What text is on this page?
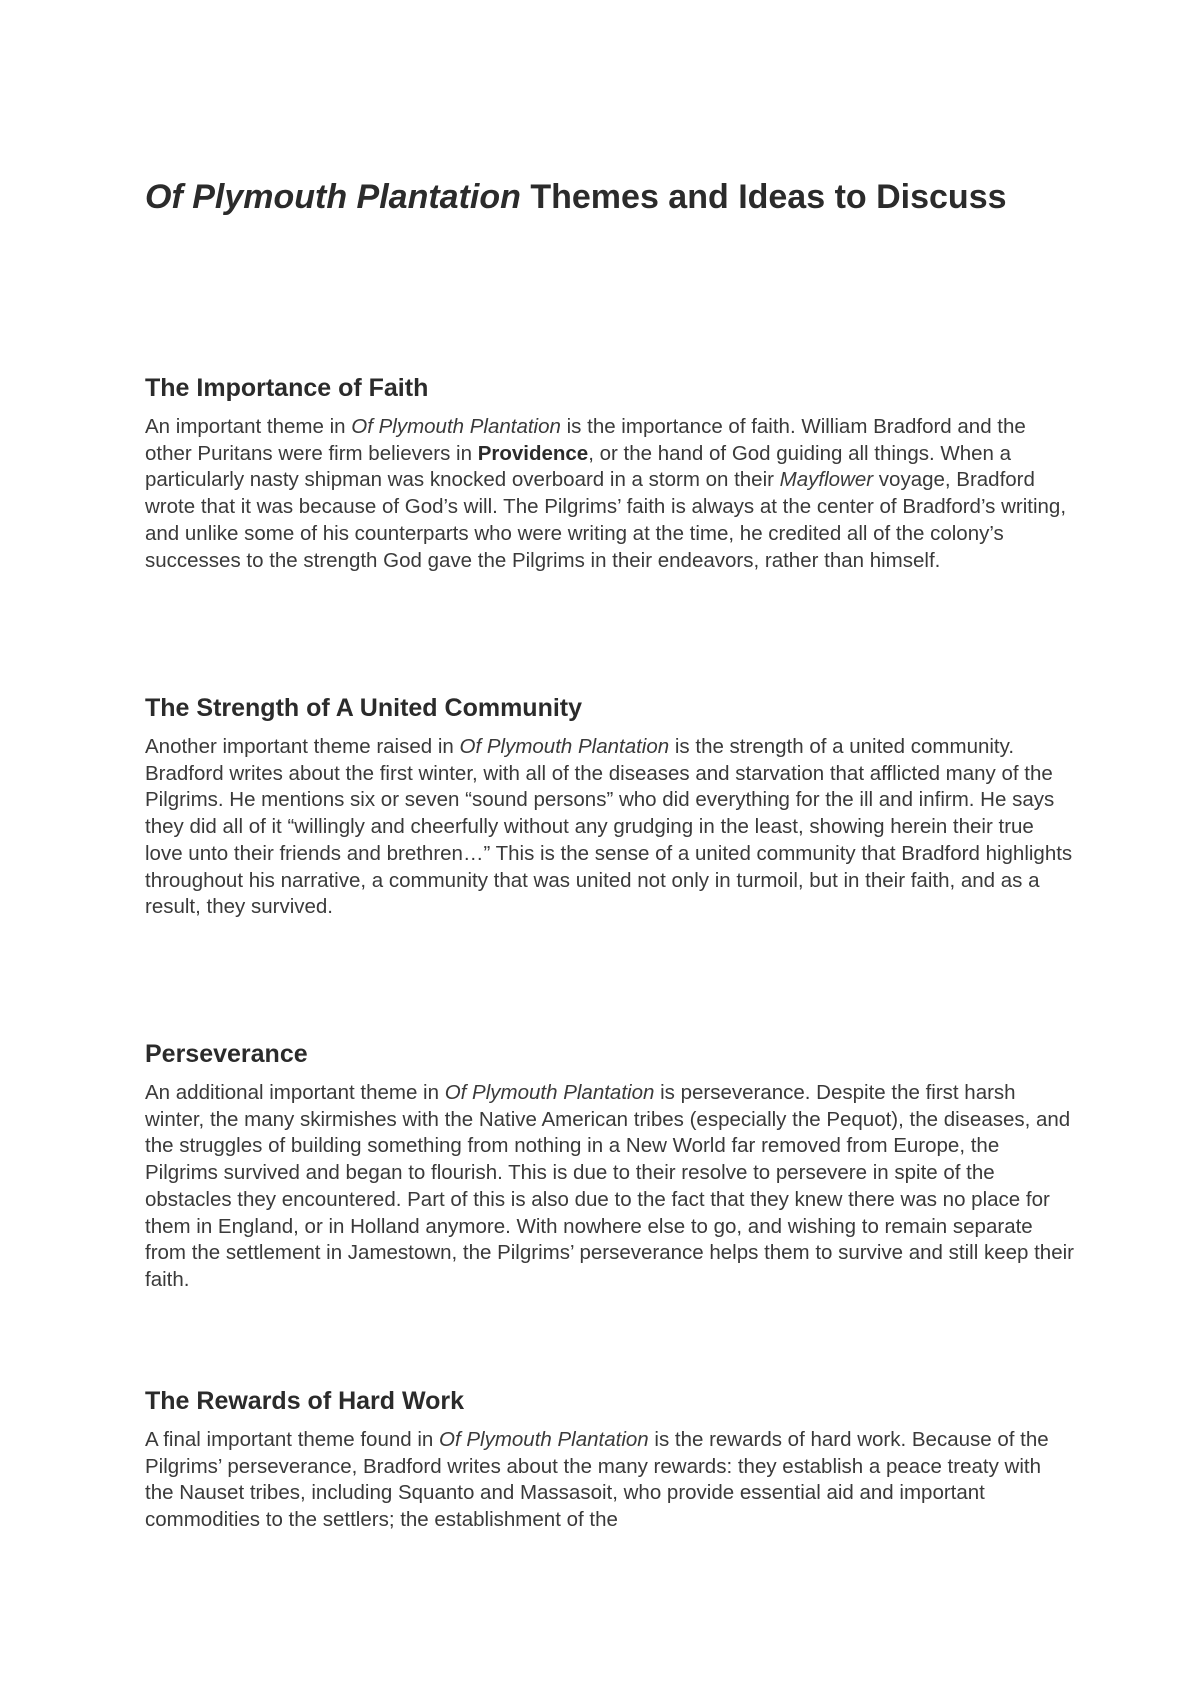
Of Plymouth Plantation Themes and Ideas to Discuss
The Importance of Faith

An important theme in Of Plymouth Plantation is the importance of faith. William Bradford and the other Puritans were firm believers in Providence, or the hand of God guiding all things. When a particularly nasty shipman was knocked overboard in a storm on their Mayflower voyage, Bradford wrote that it was because of God’s will. The Pilgrims’ faith is always at the center of Bradford’s writing, and unlike some of his counterparts who were writing at the time, he credited all of the colony’s successes to the strength God gave the Pilgrims in their endeavors, rather than himself.

The Strength of A United Community

Another important theme raised in Of Plymouth Plantation is the strength of a united community. Bradford writes about the first winter, with all of the diseases and starvation that afflicted many of the Pilgrims. He mentions six or seven “sound persons” who did everything for the ill and infirm. He says they did all of it “willingly and cheerfully without any grudging in the least, showing herein their true love unto their friends and brethren…” This is the sense of a united community that Bradford highlights throughout his narrative, a community that was united not only in turmoil, but in their faith, and as a result, they survived.

Perseverance

An additional important theme in Of Plymouth Plantation is perseverance. Despite the first harsh winter, the many skirmishes with the Native American tribes (especially the Pequot), the diseases, and the struggles of building something from nothing in a New World far removed from Europe, the Pilgrims survived and began to flourish. This is due to their resolve to persevere in spite of the obstacles they encountered. Part of this is also due to the fact that they knew there was no place for them in England, or in Holland anymore. With nowhere else to go, and wishing to remain separate from the settlement in Jamestown, the Pilgrims’ perseverance helps them to survive and still keep their faith.

The Rewards of Hard Work

A final important theme found in Of Plymouth Plantation is the rewards of hard work. Because of the Pilgrims’ perseverance, Bradford writes about the many rewards: they establish a peace treaty with the Nauset tribes, including Squanto and Massasoit, who provide essential aid and important commodities to the settlers; the establishment of the
